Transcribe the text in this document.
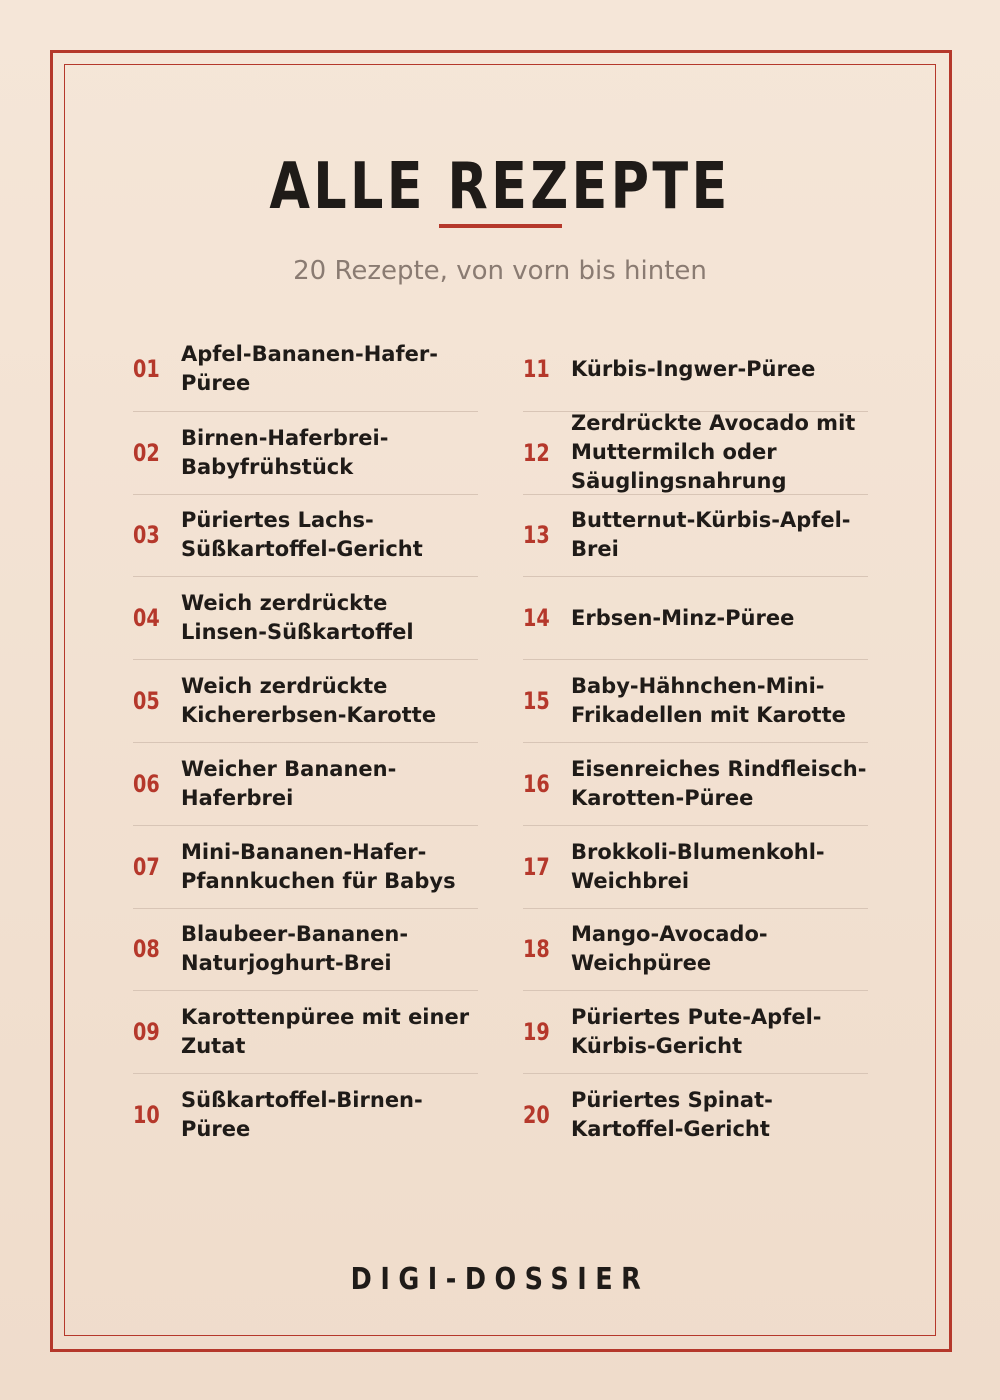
ALLE REZEPTE

20 Rezepte, von vorn bis hinten

01
Apfel-Bananen-Hafer-Püree
02
Birnen-Haferbrei-Babyfrühstück
03
Püriertes Lachs-Süßkartoffel-Gericht
04
Weich zerdrückte Linsen-Süßkartoffel
05
Weich zerdrückte Kichererbsen-Karotte
06
Weicher Bananen-Haferbrei
07
Mini-Bananen-Hafer-Pfannkuchen für Babys
08
Blaubeer-Bananen-Naturjoghurt-Brei
09
Karottenpüree mit einer Zutat
10
Süßkartoffel-Birnen-Püree
11	Kürbis-Ingwer-Püree
12
Zerdrückte Avocado mit Muttermilch oder Säuglingsnahrung
13
Butternut-Kürbis-Apfel-Brei
14	Erbsen-Minz-Püree
15
Baby-Hähnchen-Mini-Frikadellen mit Karotte
16
Eisenreiches Rindfleisch-Karotten-Püree
17
Brokkoli-Blumenkohl-Weichbrei
18
Mango-Avocado-Weichpüree
19
Püriertes Pute-Apfel-Kürbis-Gericht
20
Püriertes Spinat-Kartoffel-Gericht

DIGI-DOSSIER
